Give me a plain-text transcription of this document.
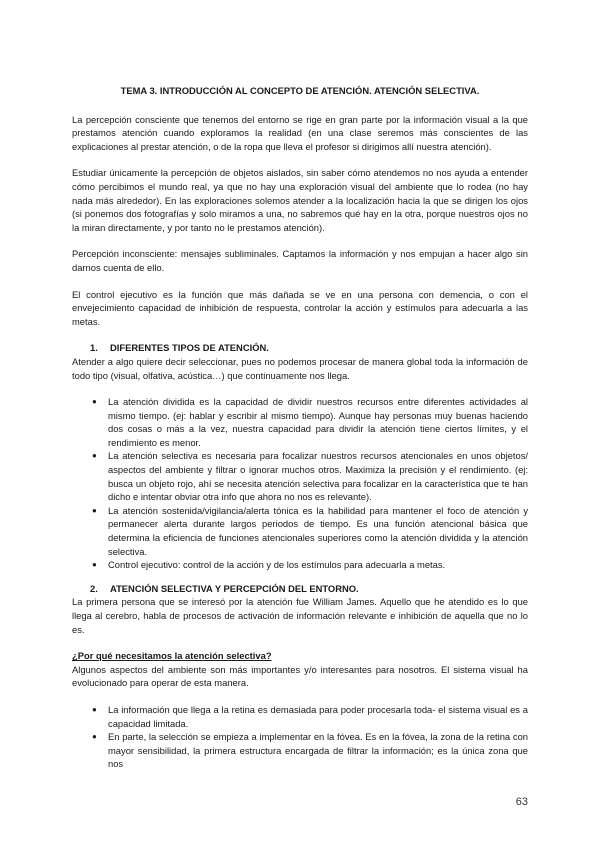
TEMA 3. INTRODUCCIÓN AL CONCEPTO DE ATENCIÓN. ATENCIÓN SELECTIVA.

La percepción consciente que tenemos del entorno se rige en gran parte por la información visual a la que prestamos atención cuando exploramos la realidad (en una clase seremos más conscientes de las explicaciones al prestar atención, o de la ropa que lleva el profesor si dirigimos allí nuestra atención).

Estudiar únicamente la percepción de objetos aislados, sin saber cómo atendemos no nos ayuda a entender cómo percibimos el mundo real, ya que no hay una exploración visual del ambiente que lo rodea (no hay nada más alrededor). En las exploraciones solemos atender a la localización hacia la que se dirigen los ojos (si ponemos dos fotografías y solo miramos a una, no sabremos qué hay en la otra, porque nuestros ojos no la miran directamente, y por tanto no le prestamos atención).

Percepción inconsciente: mensajes subliminales. Captamos la información y nos empujan a hacer algo sin darnos cuenta de ello.

El control ejecutivo es la función que más dañada se ve en una persona con demencia, o con el envejecimiento capacidad de inhibición de respuesta, controlar la acción y estímulos para adecuarla a las metas.

1. DIFERENTES TIPOS DE ATENCIÓN.

Atender a algo quiere decir seleccionar, pues no podemos procesar de manera global toda la información de todo tipo (visual, olfativa, acústica…) que continuamente nos llega.

● La atención dividida es la capacidad de dividir nuestros recursos entre diferentes actividades al mismo tiempo. (ej: hablar y escribir al mismo tiempo). Aunque hay personas muy buenas haciendo dos cosas o más a la vez, nuestra capacidad para dividir la atención tiene ciertos límites, y el rendimiento es menor.
● La atención selectiva es necesaria para focalizar nuestros recursos atencionales en unos objetos/ aspectos del ambiente y filtrar o ignorar muchos otros. Maximiza la precisión y el rendimiento. (ej: busca un objeto rojo, ahí se necesita atención selectiva para focalizar en la característica que te han dicho e intentar obviar otra info que ahora no nos es relevante).
● La atención sostenida/vigilancia/alerta tónica es la habilidad para mantener el foco de atención y permanecer alerta durante largos periodos de tiempo. Es una función atencional básica que determina la eficiencia de funciones atencionales superiores como la atención dividida y la atención selectiva.
● Control ejecutivo: control de la acción y de los estímulos para adecuarla a metas.
2. ATENCIÓN SELECTIVA Y PERCEPCIÓN DEL ENTORNO.

La primera persona que se interesó por la atención fue William James. Aquello que he atendido es lo que llega al cerebro, habla de procesos de activación de información relevante e inhibición de aquella que no lo es.

¿Por qué necesitamos la atención selectiva?

Algunos aspectos del ambiente son más importantes y/o interesantes para nosotros. El sistema visual ha evolucionado para operar de esta manera.

● La información que llega a la retina es demasiada para poder procesarla toda- el sistema visual es a capacidad limitada.
● En parte, la selección se empieza a implementar en la fóvea. Es en la fóvea, la zona de la retina con mayor sensibilidad, la primera estructura encargada de filtrar la información; es la única zona que nos
63
